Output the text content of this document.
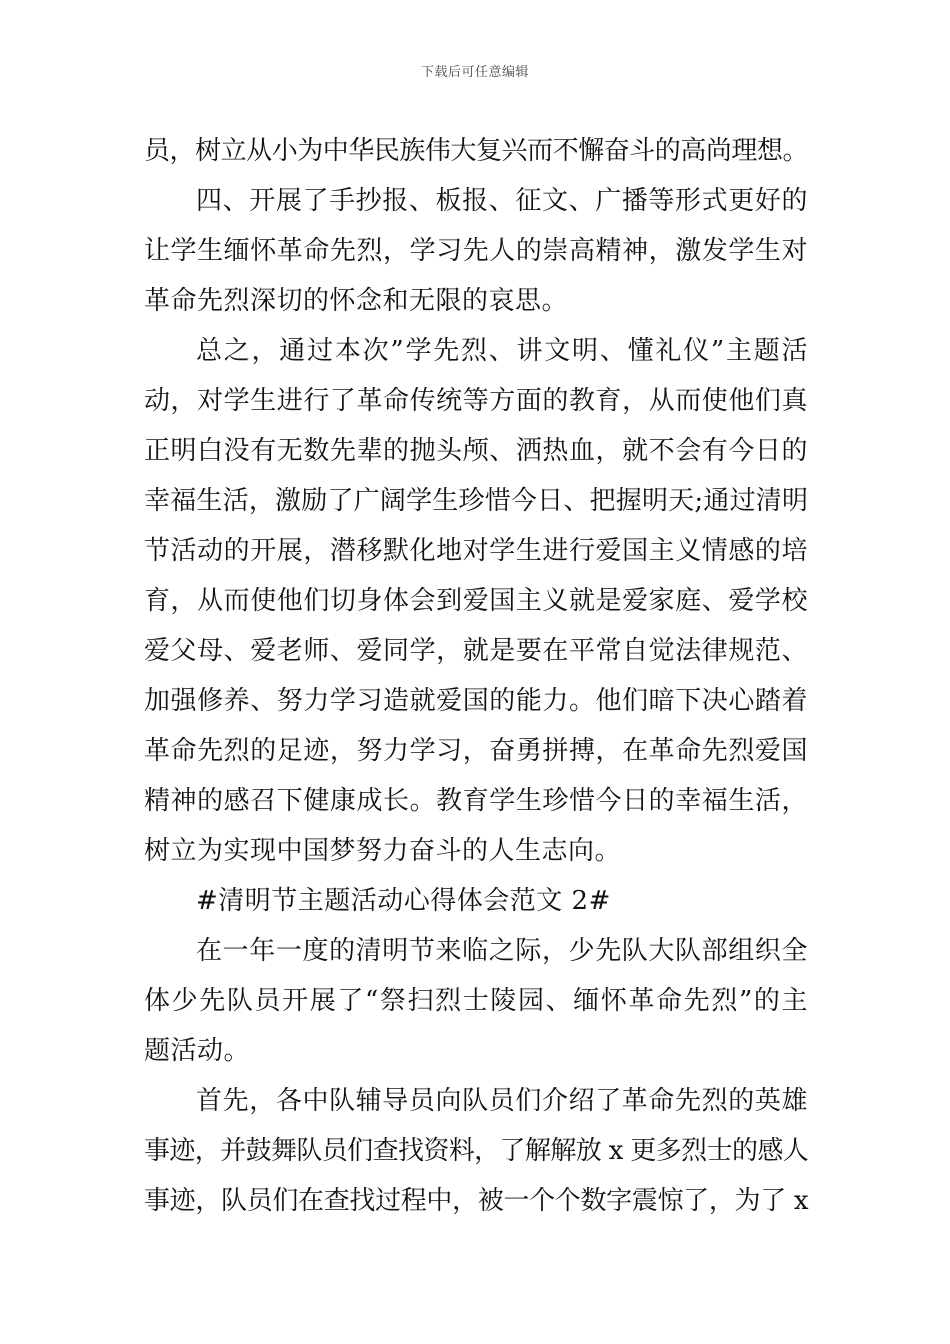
下载后可任意编辑
员，树立从小为中华民族伟大复兴而不懈奋斗的高尚理想。
四、开展了手抄报、板报、征文、广播等形式更好的
让学生缅怀革命先烈，学习先人的崇高精神，激发学生对
革命先烈深切的怀念和无限的哀思。
总之，通过本次”学先烈、讲文明、懂礼仪”主题活
动，对学生进行了革命传统等方面的教育，从而使他们真
正明白没有无数先辈的抛头颅、洒热血，就不会有今日的
幸福生活，激励了广阔学生珍惜今日、把握明天;通过清明
节活动的开展，潜移默化地对学生进行爱国主义情感的培
育，从而使他们切身体会到爱国主义就是爱家庭、爱学校
爱父母、爱老师、爱同学，就是要在平常自觉法律规范、
加强修养、努力学习造就爱国的能力。他们暗下决心踏着
革命先烈的足迹，努力学习，奋勇拼搏，在革命先烈爱国
精神的感召下健康成长。教育学生珍惜今日的幸福生活，
树立为实现中国梦努力奋斗的人生志向。
#清明节主题活动心得体会范文 2#
在一年一度的清明节来临之际，少先队大队部组织全
体少先队员开展了“祭扫烈士陵园、缅怀革命先烈”的主
题活动。
首先，各中队辅导员向队员们介绍了革命先烈的英雄
事迹，并鼓舞队员们查找资料，了解解放 x 更多烈士的感人
事迹，队员们在查找过程中，被一个个数字震惊了，为了 x
